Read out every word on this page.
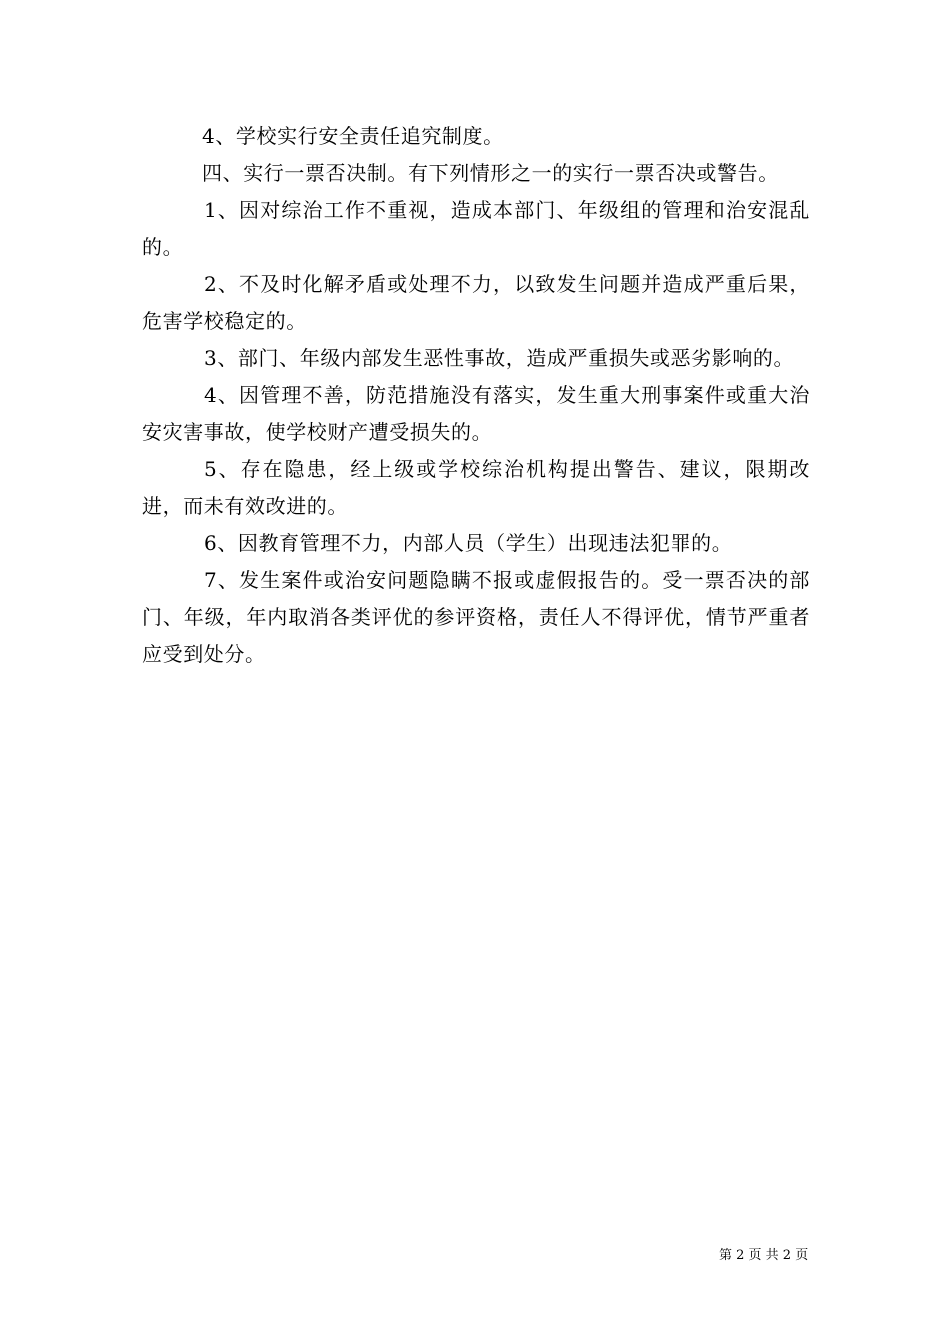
4、学校实行安全责任追究制度。

四、实行一票否决制。有下列情形之一的实行一票否决或警告。

1、因对综治工作不重视，造成本部门、年级组的管理和治安混乱的。

2、不及时化解矛盾或处理不力，以致发生问题并造成严重后果，危害学校稳定的。

3、部门、年级内部发生恶性事故，造成严重损失或恶劣影响的。

4、因管理不善，防范措施没有落实，发生重大刑事案件或重大治安灾害事故，使学校财产遭受损失的。

5、存在隐患，经上级或学校综治机构提出警告、建议，限期改进，而未有效改进的。

6、因教育管理不力，内部人员（学生）出现违法犯罪的。

7、发生案件或治安问题隐瞒不报或虚假报告的。受一票否决的部门、年级，年内取消各类评优的参评资格，责任人不得评优，情节严重者应受到处分。

第 2 页 共 2 页
